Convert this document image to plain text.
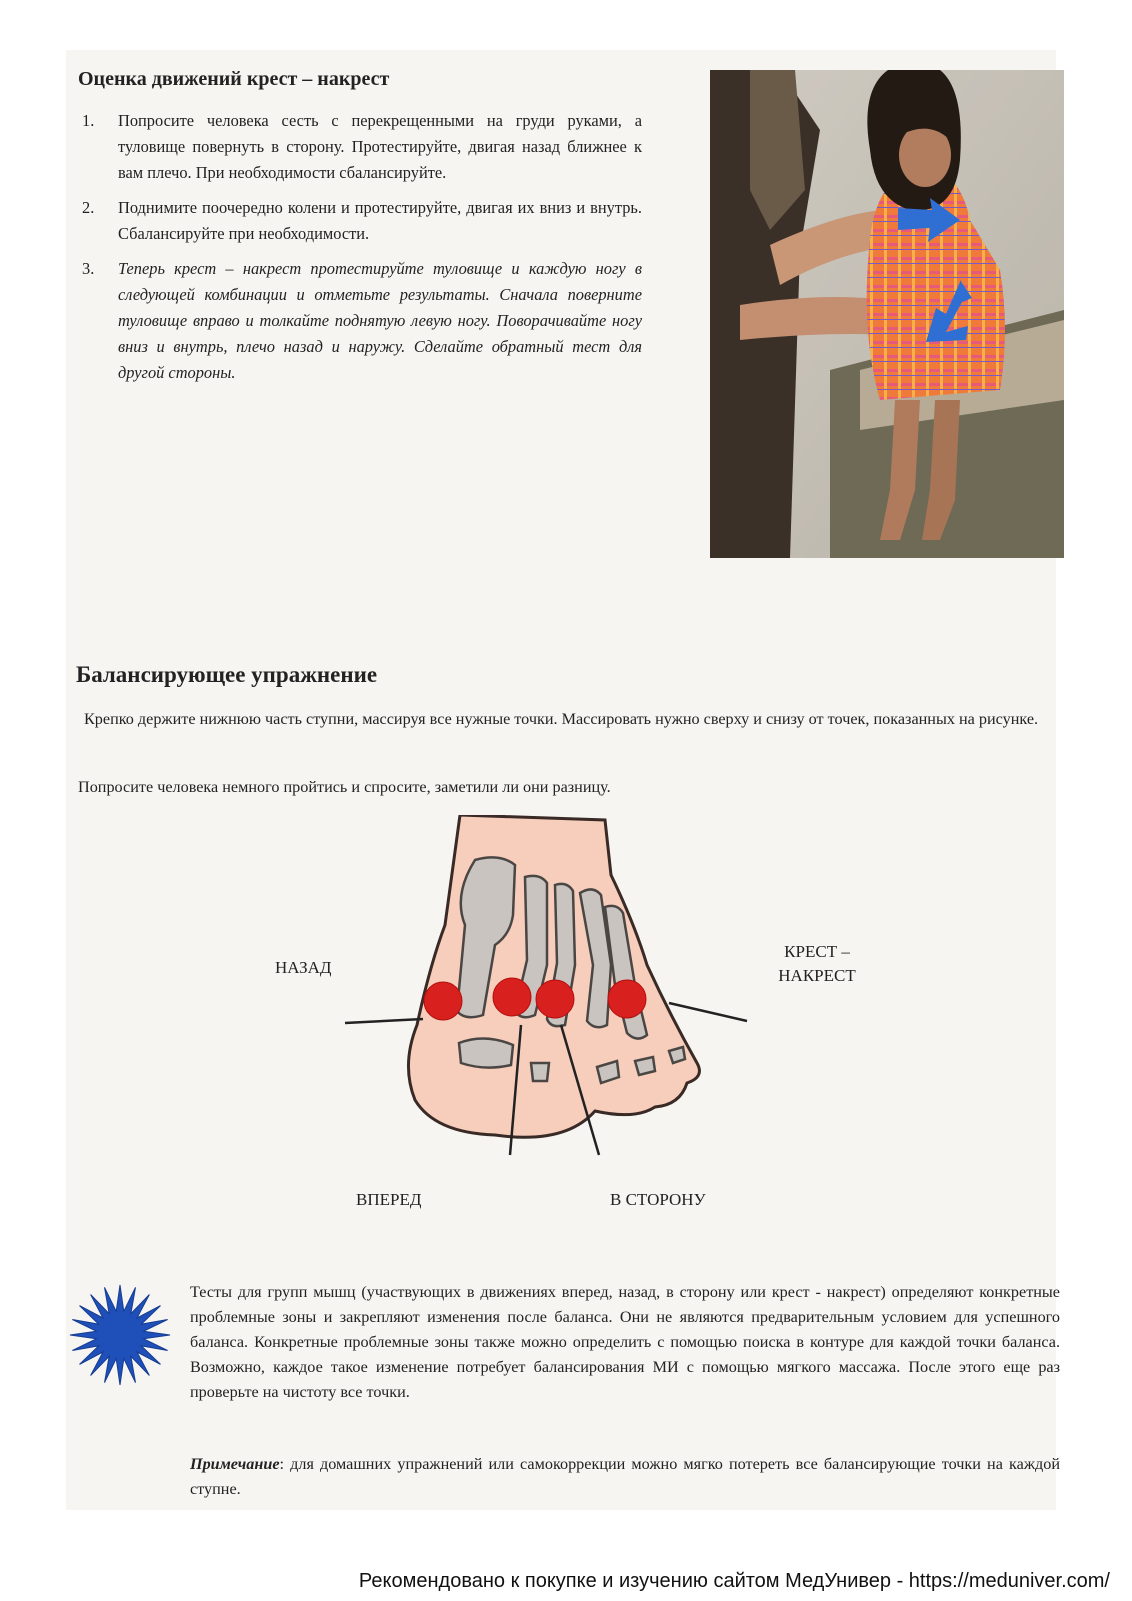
Оценка движений крест – накрест
1. Попросите человека сесть с перекрещенными на груди руками, а туловище повернуть в сторону. Протестируйте, двигая назад ближнее к вам плечо. При необходимости сбалансируйте.
2. Поднимите поочередно колени и протестируйте, двигая их вниз и внутрь. Сбалансируйте при необходимости.
3. Теперь крест – накрест протестируйте туловище и каждую ногу в следующей комбинации и отметьте результаты. Сначала поверните туловище вправо и толкайте поднятую левую ногу. Поворачивайте ногу вниз и внутрь, плечо назад и наружу. Сделайте обратный тест для другой стороны.
Балансирующее упражнение

Крепко держите нижнюю часть ступни, массируя все нужные точки. Массировать нужно сверху и снизу от точек, показанных на рисунке.

Попросите человека немного пройтись и спросите, заметили ли они разницу.

НАЗАД
КРЕСТ –
НАКРЕСТ
ВПЕРЕД	В СТОРОНУ

Тесты для групп мышц (участвующих в движениях вперед, назад, в сторону или крест - накрест) определяют конкретные проблемные зоны и закрепляют изменения после баланса. Они не являются предварительным условием для успешного баланса. Конкретные проблемные зоны также можно определить с помощью поиска в контуре для каждой точки баланса. Возможно, каждое такое изменение потребует балансирования МИ с помощью мягкого массажа. После этого еще раз проверьте на чистоту все точки.

Примечание: для домашних упражнений или самокоррекции можно мягко потереть все балансирующие точки на каждой ступне.

Рекомендовано к покупке и изучению сайтом МедУнивер - https://meduniver.com/
